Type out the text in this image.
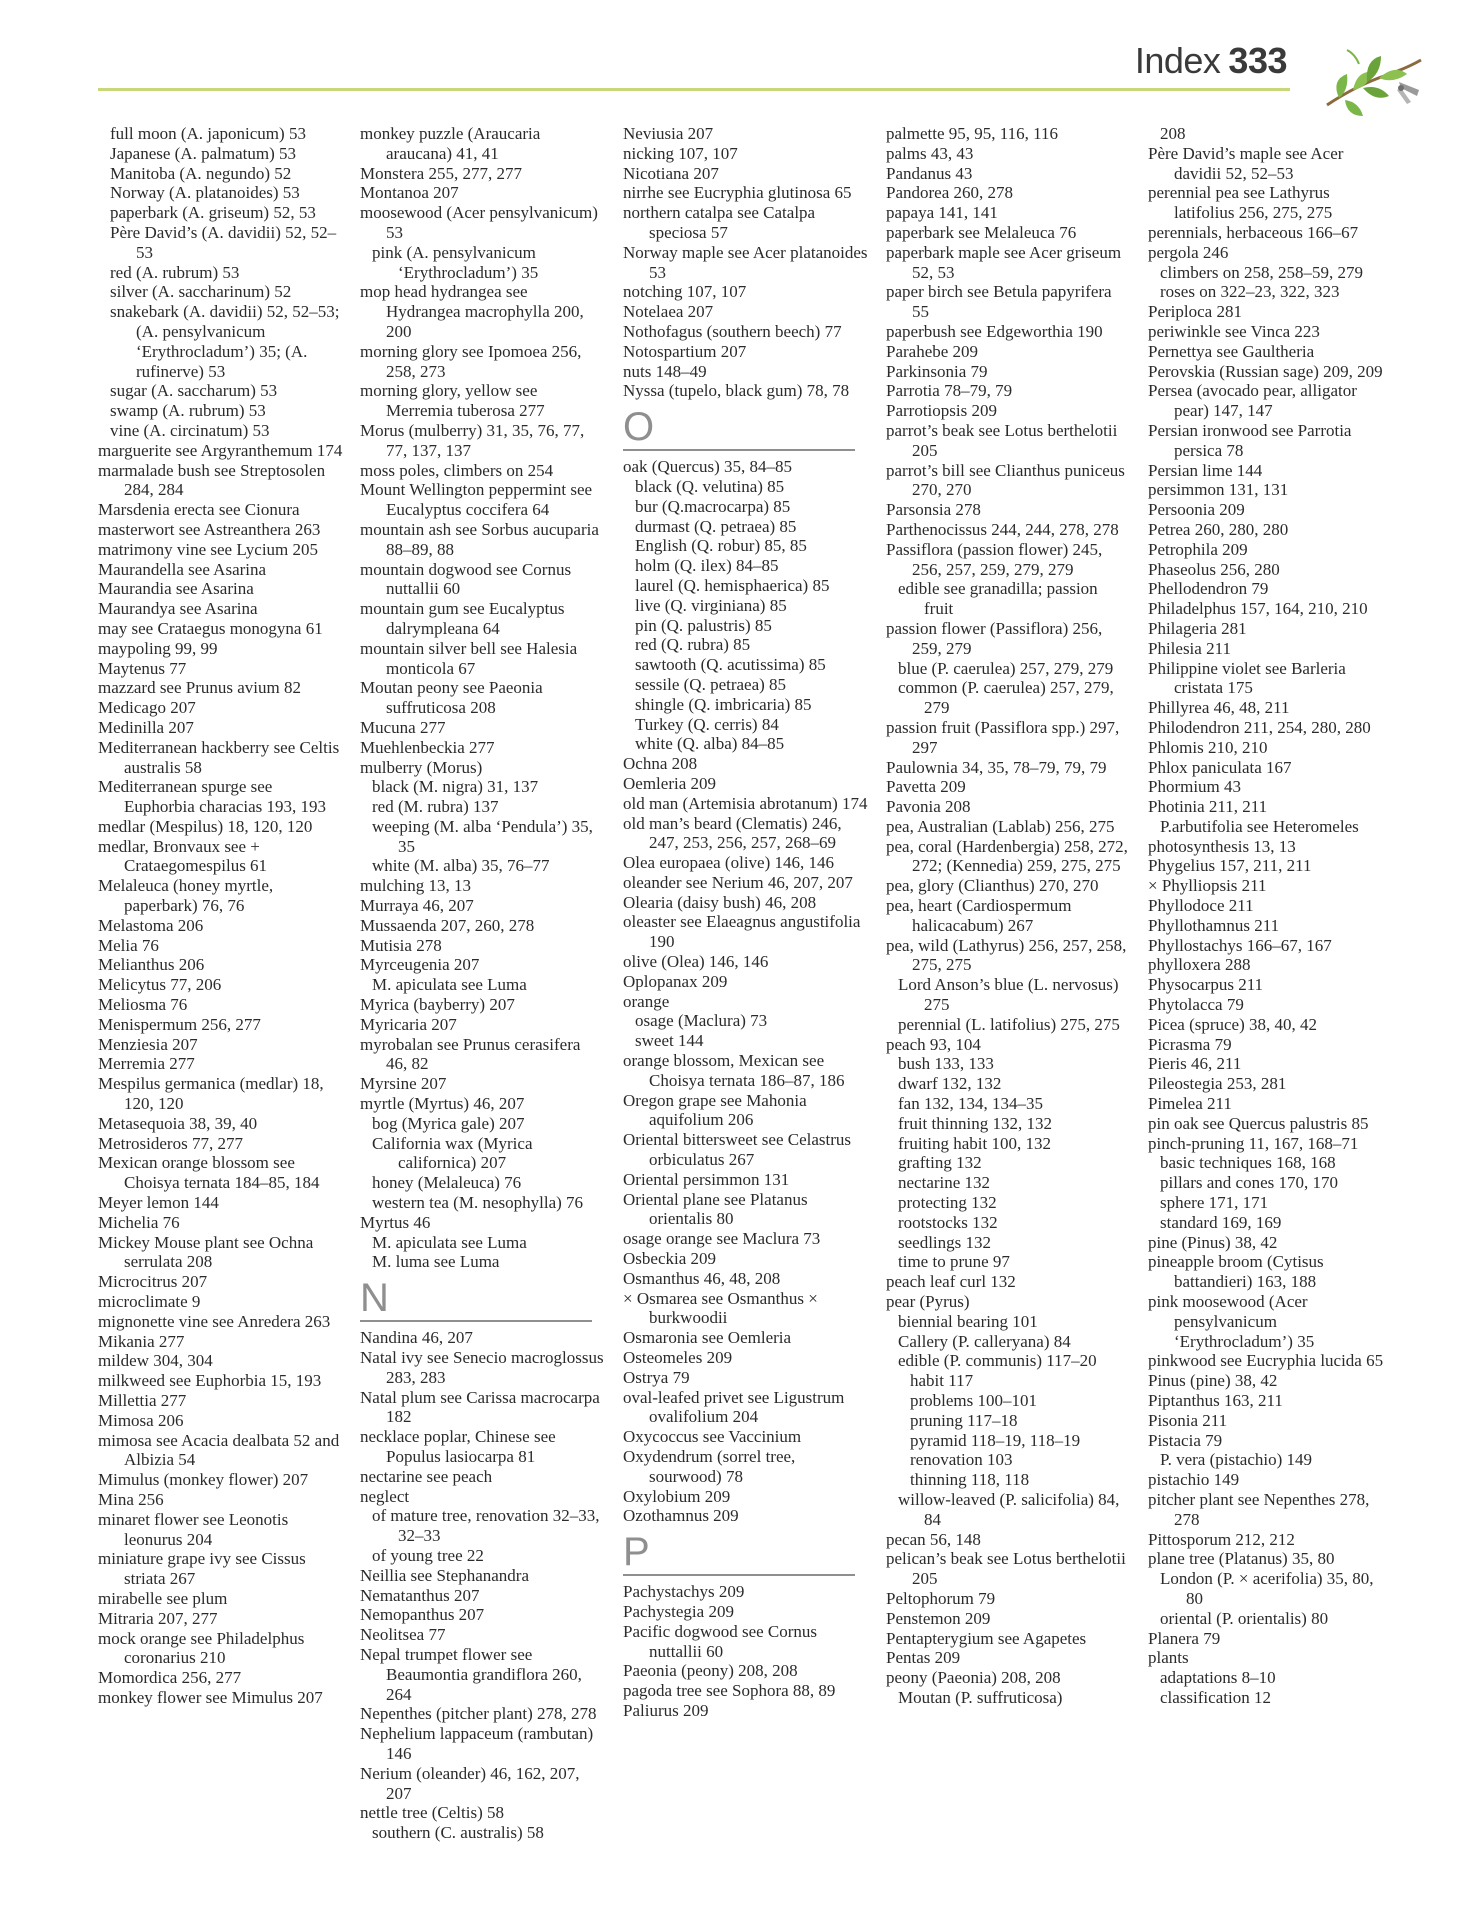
Index 333
full moon (A. japonicum) 53
Japanese (A. palmatum) 53
Manitoba (A. negundo) 52
Norway (A. platanoides) 53
paperbark (A. griseum) 52, 53
Père David’s (A. davidii) 52, 52–53
red (A. rubrum) 53
silver (A. saccharinum) 52
snakebark (A. davidii) 52, 52–53; (A. pensylvanicum ‘Erythrocladum’) 35; (A. rufinerve) 53
sugar (A. saccharum) 53
swamp (A. rubrum) 53
vine (A. circinatum) 53
marguerite see Argyranthemum 174
marmalade bush see Streptosolen 284, 284
Marsdenia erecta see Cionura
masterwort see Astreanthera 263
matrimony vine see Lycium 205
Maurandella see Asarina
Maurandia see Asarina
Maurandya see Asarina
may see Crataegus monogyna 61
maypoling 99, 99
Maytenus 77
mazzard see Prunus avium 82
Medicago 207
Medinilla 207
Mediterranean hackberry see Celtis australis 58
Mediterranean spurge see Euphorbia characias 193, 193
medlar (Mespilus) 18, 120, 120
medlar, Bronvaux see + Crataegomespilus 61
Melaleuca (honey myrtle, paperbark) 76, 76
Melastoma 206
Melia 76
Melianthus 206
Melicytus 77, 206
Meliosma 76
Menispermum 256, 277
Menziesia 207
Merremia 277
Mespilus germanica (medlar) 18, 120, 120
Metasequoia 38, 39, 40
Metrosideros 77, 277
Mexican orange blossom see Choisya ternata 184–85, 184
Meyer lemon 144
Michelia 76
Mickey Mouse plant see Ochna serrulata 208
Microcitrus 207
microclimate 9
mignonette vine see Anredera 263
Mikania 277
mildew 304, 304
milkweed see Euphorbia 15, 193
Millettia 277
Mimosa 206
mimosa see Acacia dealbata 52 and Albizia 54
Mimulus (monkey flower) 207
Mina 256
minaret flower see Leonotis leonurus 204
miniature grape ivy see Cissus striata 267
mirabelle see plum
Mitraria 207, 277
mock orange see Philadelphus coronarius 210
Momordica 256, 277
monkey flower see Mimulus 207
monkey puzzle (Araucaria araucana) 41, 41
Monstera 255, 277, 277
Montanoa 207
moosewood (Acer pensylvanicum) 53
pink (A. pensylvanicum ‘Erythrocladum’) 35
mop head hydrangea see Hydrangea macrophylla 200, 200
morning glory see Ipomoea 256, 258, 273
morning glory, yellow see Merremia tuberosa 277
Morus (mulberry) 31, 35, 76, 77, 77, 137, 137
moss poles, climbers on 254
Mount Wellington peppermint see Eucalyptus coccifera 64
mountain ash see Sorbus aucuparia 88–89, 88
mountain dogwood see Cornus nuttallii 60
mountain gum see Eucalyptus dalrympleana 64
mountain silver bell see Halesia monticola 67
Moutan peony see Paeonia suffruticosa 208
Mucuna 277
Muehlenbeckia 277
mulberry (Morus)
black (M. nigra) 31, 137
red (M. rubra) 137
weeping (M. alba ‘Pendula’) 35, 35
white (M. alba) 35, 76–77
mulching 13, 13
Murraya 46, 207
Mussaenda 207, 260, 278
Mutisia 278
Myrceugenia 207
M. apiculata see Luma
Myrica (bayberry) 207
Myricaria 207
myrobalan see Prunus cerasifera 46, 82
Myrsine 207
myrtle (Myrtus) 46, 207
bog (Myrica gale) 207
California wax (Myrica californica) 207
honey (Melaleuca) 76
western tea (M. nesophylla) 76
Myrtus 46
M. apiculata see Luma
M. luma see Luma
N
Nandina 46, 207
Natal ivy see Senecio macroglossus 283, 283
Natal plum see Carissa macrocarpa 182
necklace poplar, Chinese see Populus lasiocarpa 81
nectarine see peach
neglect
of mature tree, renovation 32–33, 32–33
of young tree 22
Neillia see Stephanandra
Nematanthus 207
Nemopanthus 207
Neolitsea 77
Nepal trumpet flower see Beaumontia grandiflora 260, 264
Nepenthes (pitcher plant) 278, 278
Nephelium lappaceum (rambutan) 146
Nerium (oleander) 46, 162, 207, 207
nettle tree (Celtis) 58
southern (C. australis) 58
Neviusia 207
nicking 107, 107
Nicotiana 207
nirrhe see Eucryphia glutinosa 65
northern catalpa see Catalpa speciosa 57
Norway maple see Acer platanoides 53
notching 107, 107
Notelaea 207
Nothofagus (southern beech) 77
Notospartium 207
nuts 148–49
Nyssa (tupelo, black gum) 78, 78
O
oak (Quercus) 35, 84–85
black (Q. velutina) 85
bur (Q.macrocarpa) 85
durmast (Q. petraea) 85
English (Q. robur) 85, 85
holm (Q. ilex) 84–85
laurel (Q. hemisphaerica) 85
live (Q. virginiana) 85
pin (Q. palustris) 85
red (Q. rubra) 85
sawtooth (Q. acutissima) 85
sessile (Q. petraea) 85
shingle (Q. imbricaria) 85
Turkey (Q. cerris) 84
white (Q. alba) 84–85
Ochna 208
Oemleria 209
old man (Artemisia abrotanum) 174
old man’s beard (Clematis) 246, 247, 253, 256, 257, 268–69
Olea europaea (olive) 146, 146
oleander see Nerium 46, 207, 207
Olearia (daisy bush) 46, 208
oleaster see Elaeagnus angustifolia 190
olive (Olea) 146, 146
Oplopanax 209
orange
osage (Maclura) 73
sweet 144
orange blossom, Mexican see Choisya ternata 186–87, 186
Oregon grape see Mahonia aquifolium 206
Oriental bittersweet see Celastrus orbiculatus 267
Oriental persimmon 131
Oriental plane see Platanus orientalis 80
osage orange see Maclura 73
Osbeckia 209
Osmanthus 46, 48, 208
× Osmarea see Osmanthus × burkwoodii
Osmaronia see Oemleria
Osteomeles 209
Ostrya 79
oval-leafed privet see Ligustrum ovalifolium 204
Oxycoccus see Vaccinium
Oxydendrum (sorrel tree, sourwood) 78
Oxylobium 209
Ozothamnus 209
P
Pachystachys 209
Pachystegia 209
Pacific dogwood see Cornus nuttallii 60
Paeonia (peony) 208, 208
pagoda tree see Sophora 88, 89
Paliurus 209
palmette 95, 95, 116, 116
palms 43, 43
Pandanus 43
Pandorea 260, 278
papaya 141, 141
paperbark see Melaleuca 76
paperbark maple see Acer griseum 52, 53
paper birch see Betula papyrifera 55
paperbush see Edgeworthia 190
Parahebe 209
Parkinsonia 79
Parrotia 78–79, 79
Parrotiopsis 209
parrot’s beak see Lotus berthelotii 205
parrot’s bill see Clianthus puniceus 270, 270
Parsonsia 278
Parthenocissus 244, 244, 278, 278
Passiflora (passion flower) 245, 256, 257, 259, 279, 279
edible see granadilla; passion fruit
passion flower (Passiflora) 256, 259, 279
blue (P. caerulea) 257, 279, 279
common (P. caerulea) 257, 279, 279
passion fruit (Passiflora spp.) 297, 297
Paulownia 34, 35, 78–79, 79, 79
Pavetta 209
Pavonia 208
pea, Australian (Lablab) 256, 275
pea, coral (Hardenbergia) 258, 272, 272; (Kennedia) 259, 275, 275
pea, glory (Clianthus) 270, 270
pea, heart (Cardiospermum halicacabum) 267
pea, wild (Lathyrus) 256, 257, 258, 275, 275
Lord Anson’s blue (L. nervosus) 275
perennial (L. latifolius) 275, 275
peach 93, 104
bush 133, 133
dwarf 132, 132
fan 132, 134, 134–35
fruit thinning 132, 132
fruiting habit 100, 132
grafting 132
nectarine 132
protecting 132
rootstocks 132
seedlings 132
time to prune 97
peach leaf curl 132
pear (Pyrus)
biennial bearing 101
Callery (P. calleryana) 84
edible (P. communis) 117–20
habit 117
problems 100–101
pruning 117–18
pyramid 118–19, 118–19
renovation 103
thinning 118, 118
willow-leaved (P. salicifolia) 84, 84
pecan 56, 148
pelican’s beak see Lotus berthelotii 205
Peltophorum 79
Penstemon 209
Pentapterygium see Agapetes
Pentas 209
peony (Paeonia) 208, 208
Moutan (P. suffruticosa)
208
Père David’s maple see Acer davidii 52, 52–53
perennial pea see Lathyrus latifolius 256, 275, 275
perennials, herbaceous 166–67
pergola 246
climbers on 258, 258–59, 279
roses on 322–23, 322, 323
Periploca 281
periwinkle see Vinca 223
Pernettya see Gaultheria
Perovskia (Russian sage) 209, 209
Persea (avocado pear, alligator pear) 147, 147
Persian ironwood see Parrotia persica 78
Persian lime 144
persimmon 131, 131
Persoonia 209
Petrea 260, 280, 280
Petrophila 209
Phaseolus 256, 280
Phellodendron 79
Philadelphus 157, 164, 210, 210
Philageria 281
Philesia 211
Philippine violet see Barleria cristata 175
Phillyrea 46, 48, 211
Philodendron 211, 254, 280, 280
Phlomis 210, 210
Phlox paniculata 167
Phormium 43
Photinia 211, 211
P.arbutifolia see Heteromeles
photosynthesis 13, 13
Phygelius 157, 211, 211
× Phylliopsis 211
Phyllodoce 211
Phyllothamnus 211
Phyllostachys 166–67, 167
phylloxera 288
Physocarpus 211
Phytolacca 79
Picea (spruce) 38, 40, 42
Picrasma 79
Pieris 46, 211
Pileostegia 253, 281
Pimelea 211
pin oak see Quercus palustris 85
pinch-pruning 11, 167, 168–71
basic techniques 168, 168
pillars and cones 170, 170
sphere 171, 171
standard 169, 169
pine (Pinus) 38, 42
pineapple broom (Cytisus battandieri) 163, 188
pink moosewood (Acer pensylvanicum ‘Erythrocladum’) 35
pinkwood see Eucryphia lucida 65
Pinus (pine) 38, 42
Piptanthus 163, 211
Pisonia 211
Pistacia 79
P. vera (pistachio) 149
pistachio 149
pitcher plant see Nepenthes 278, 278
Pittosporum 212, 212
plane tree (Platanus) 35, 80
London (P. × acerifolia) 35, 80, 80
oriental (P. orientalis) 80
Planera 79
plants
adaptations 8–10
classification 12
